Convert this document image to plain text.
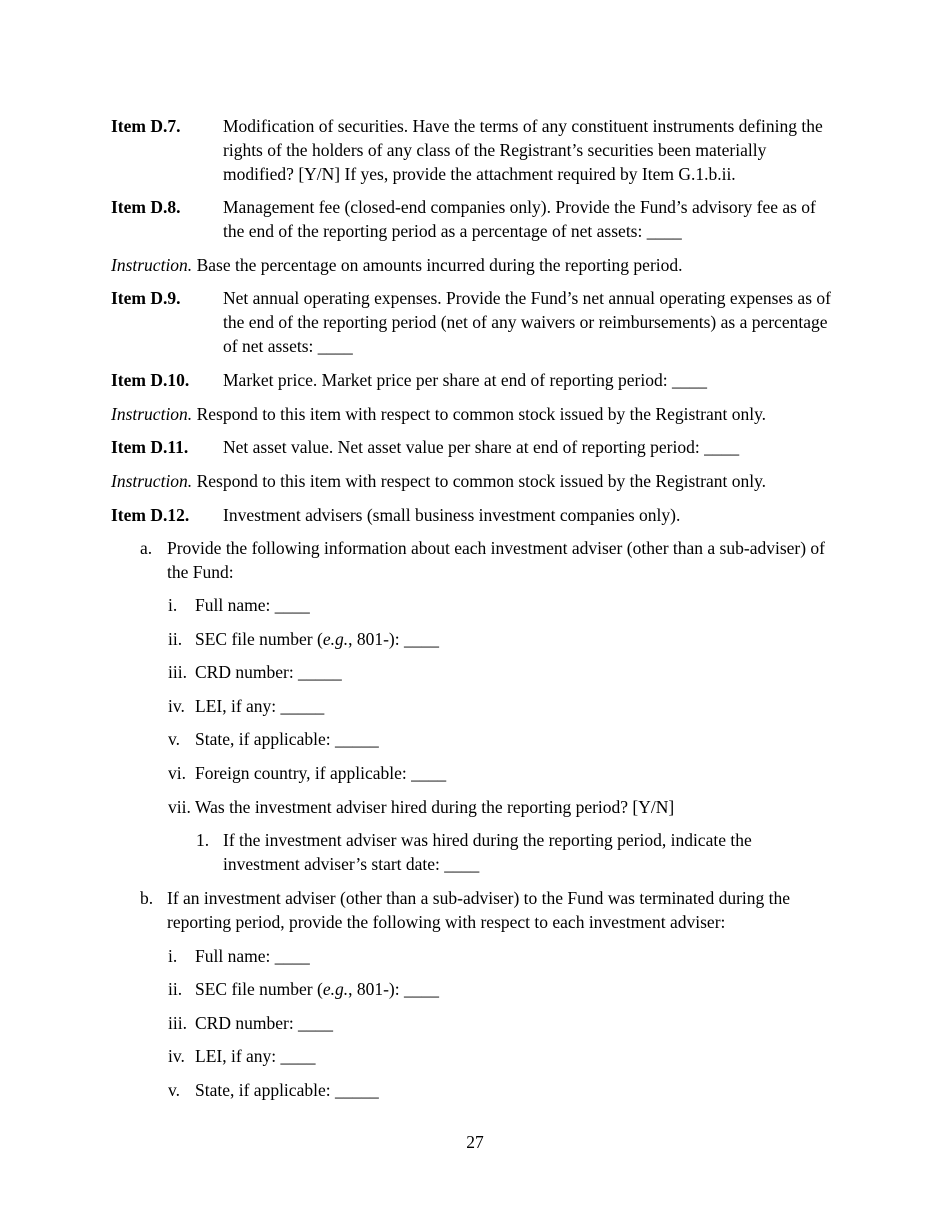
Item D.7. Modification of securities. Have the terms of any constituent instruments defining the rights of the holders of any class of the Registrant’s securities been materially modified? [Y/N] If yes, provide the attachment required by Item G.1.b.ii.
Item D.8. Management fee (closed-end companies only). Provide the Fund’s advisory fee as of the end of the reporting period as a percentage of net assets: ____
Instruction. Base the percentage on amounts incurred during the reporting period.
Item D.9. Net annual operating expenses. Provide the Fund’s net annual operating expenses as of the end of the reporting period (net of any waivers or reimbursements) as a percentage of net assets: ____
Item D.10. Market price. Market price per share at end of reporting period: ____
Instruction. Respond to this item with respect to common stock issued by the Registrant only.
Item D.11. Net asset value. Net asset value per share at end of reporting period: ____
Instruction. Respond to this item with respect to common stock issued by the Registrant only.
Item D.12. Investment advisers (small business investment companies only).
a. Provide the following information about each investment adviser (other than a sub-adviser) of the Fund:
i. Full name: ____
ii. SEC file number (e.g., 801-): ____
iii. CRD number: _____
iv. LEI, if any: _____
v. State, if applicable: _____
vi. Foreign country, if applicable: ____
vii. Was the investment adviser hired during the reporting period? [Y/N]
1. If the investment adviser was hired during the reporting period, indicate the investment adviser’s start date: ____
b. If an investment adviser (other than a sub-adviser) to the Fund was terminated during the reporting period, provide the following with respect to each investment adviser:
i. Full name: ____
ii. SEC file number (e.g., 801-): ____
iii. CRD number: ____
iv. LEI, if any: ____
v. State, if applicable: _____
27
